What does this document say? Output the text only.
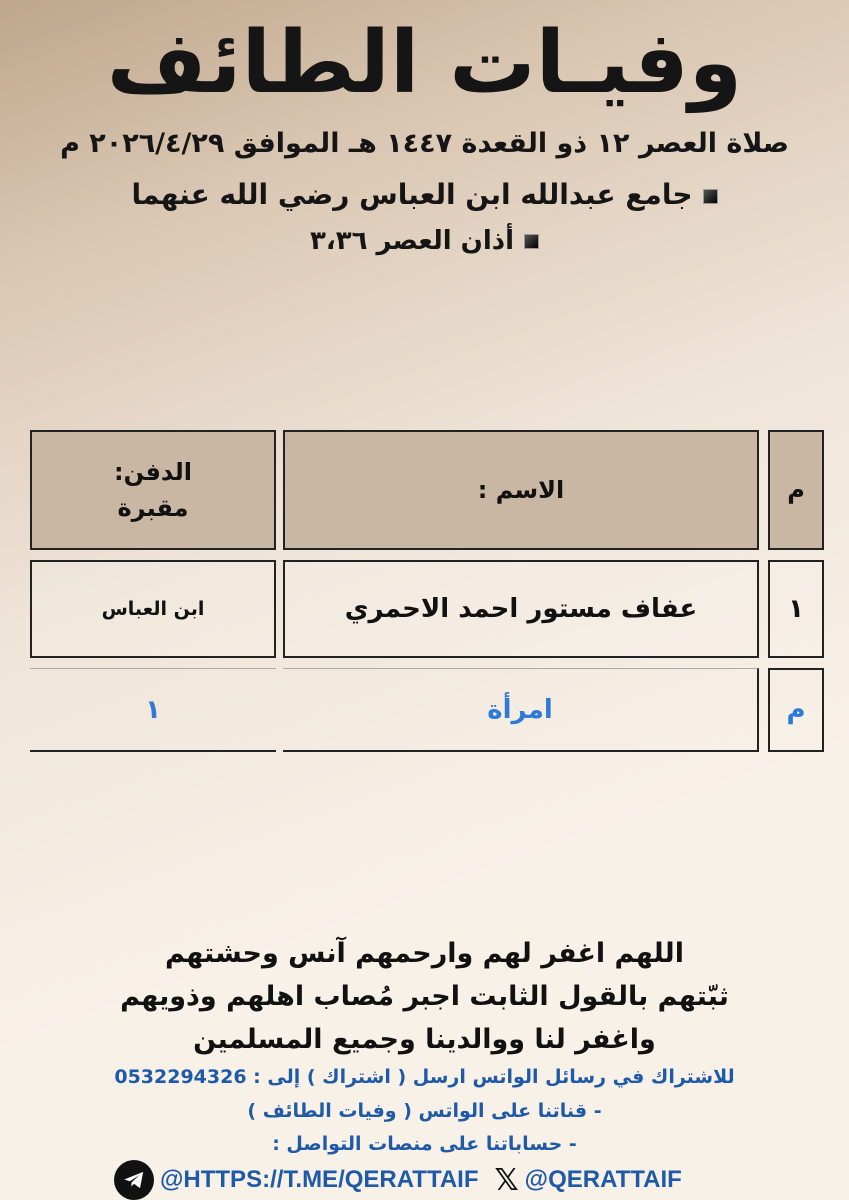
وفيـات الطائف
صلاة العصر ١٢ ذو القعدة ١٤٤٧ هـ الموافق ٢٠٢٦/٤/٢٩ م
جامع عبدالله ابن العباس رضي الله عنهما
أذان العصر ٣،٣٦
م
الاسم :
الدفن:
مقبرة
١
عفاف مستور احمد الاحمري
ابن العباس
م
امرأة
١
اللهم اغفر لهم وارحمهم آنس وحشتهم
ثبّتهم بالقول الثابت اجبر مُصاب اهلهم وذويهم
واغفر لنا ووالدينا وجميع المسلمين
للاشتراك في رسائل الواتس ارسل ( اشتراك ) إلى : 0532294326
- قناتنا على الواتس ( وفيات الطائف )
- حساباتنا على منصات التواصل :
@HTTPS://T.ME/QERATTAIF 𝕏 @QERATTAIF
